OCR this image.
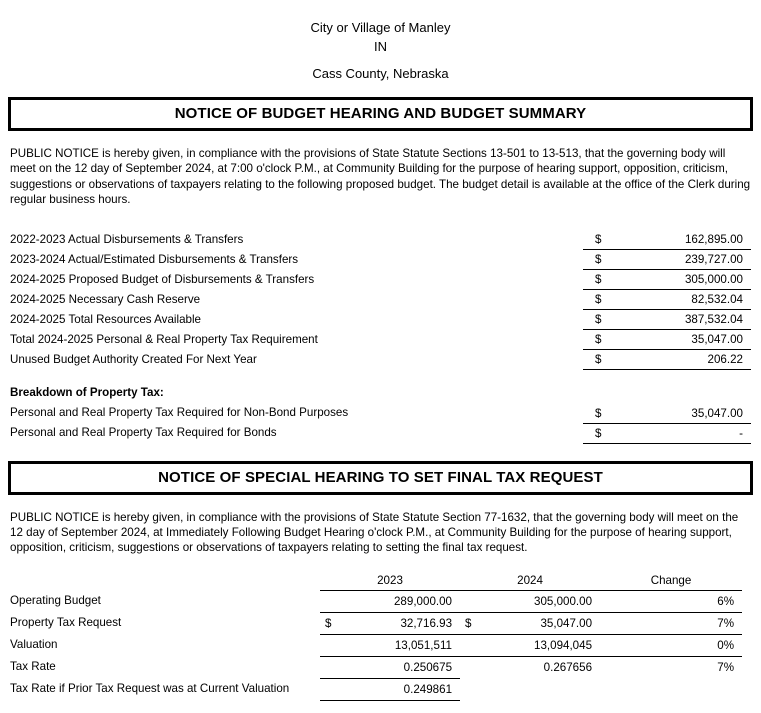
City or Village of Manley
IN
Cass County, Nebraska
NOTICE OF BUDGET HEARING AND BUDGET SUMMARY
PUBLIC NOTICE is hereby given, in compliance with the provisions of State Statute Sections 13-501 to 13-513, that the governing body will meet on the 12 day of September 2024, at 7:00 o'clock P.M., at Community Building for the purpose of hearing support, opposition, criticism, suggestions or observations of taxpayers relating to the following proposed budget. The budget detail is available at the office of the Clerk during regular business hours.
2022-2023 Actual Disbursements & Transfers	$	162,895.00	
2023-2024 Actual/Estimated Disbursements & Transfers	$	239,727.00	
2024-2025 Proposed Budget of Disbursements & Transfers	$	305,000.00	
2024-2025 Necessary Cash Reserve	$	82,532.04	
2024-2025 Total Resources Available	$	387,532.04	
Total 2024-2025 Personal & Real Property Tax Requirement	$	35,047.00	
Unused Budget Authority Created For Next Year	$	206.22	

Breakdown of Property Tax:			
Personal and Real Property Tax Required for Non-Bond Purposes	$	35,047.00	
Personal and Real Property Tax Required for Bonds	$	-	
NOTICE OF SPECIAL HEARING TO SET FINAL TAX REQUEST
PUBLIC NOTICE is hereby given, in compliance with the provisions of State Statute Section 77-1632, that the governing body will meet on the 12 day of September 2024, at Immediately Following Budget Hearing o'clock P.M., at Community Building for the purpose of hearing support, opposition, criticism, suggestions or observations of taxpayers relating to setting the final tax request.
	2023		2024		Change	
Operating Budget		289,000.00		305,000.00	6%	
Property Tax Request	$	32,716.93	$	35,047.00	7%	
Valuation		13,051,511		13,094,045	0%	
Tax Rate		0.250675		0.267656	7%	
Tax Rate if Prior Tax Request was at Current Valuation		0.249861				
